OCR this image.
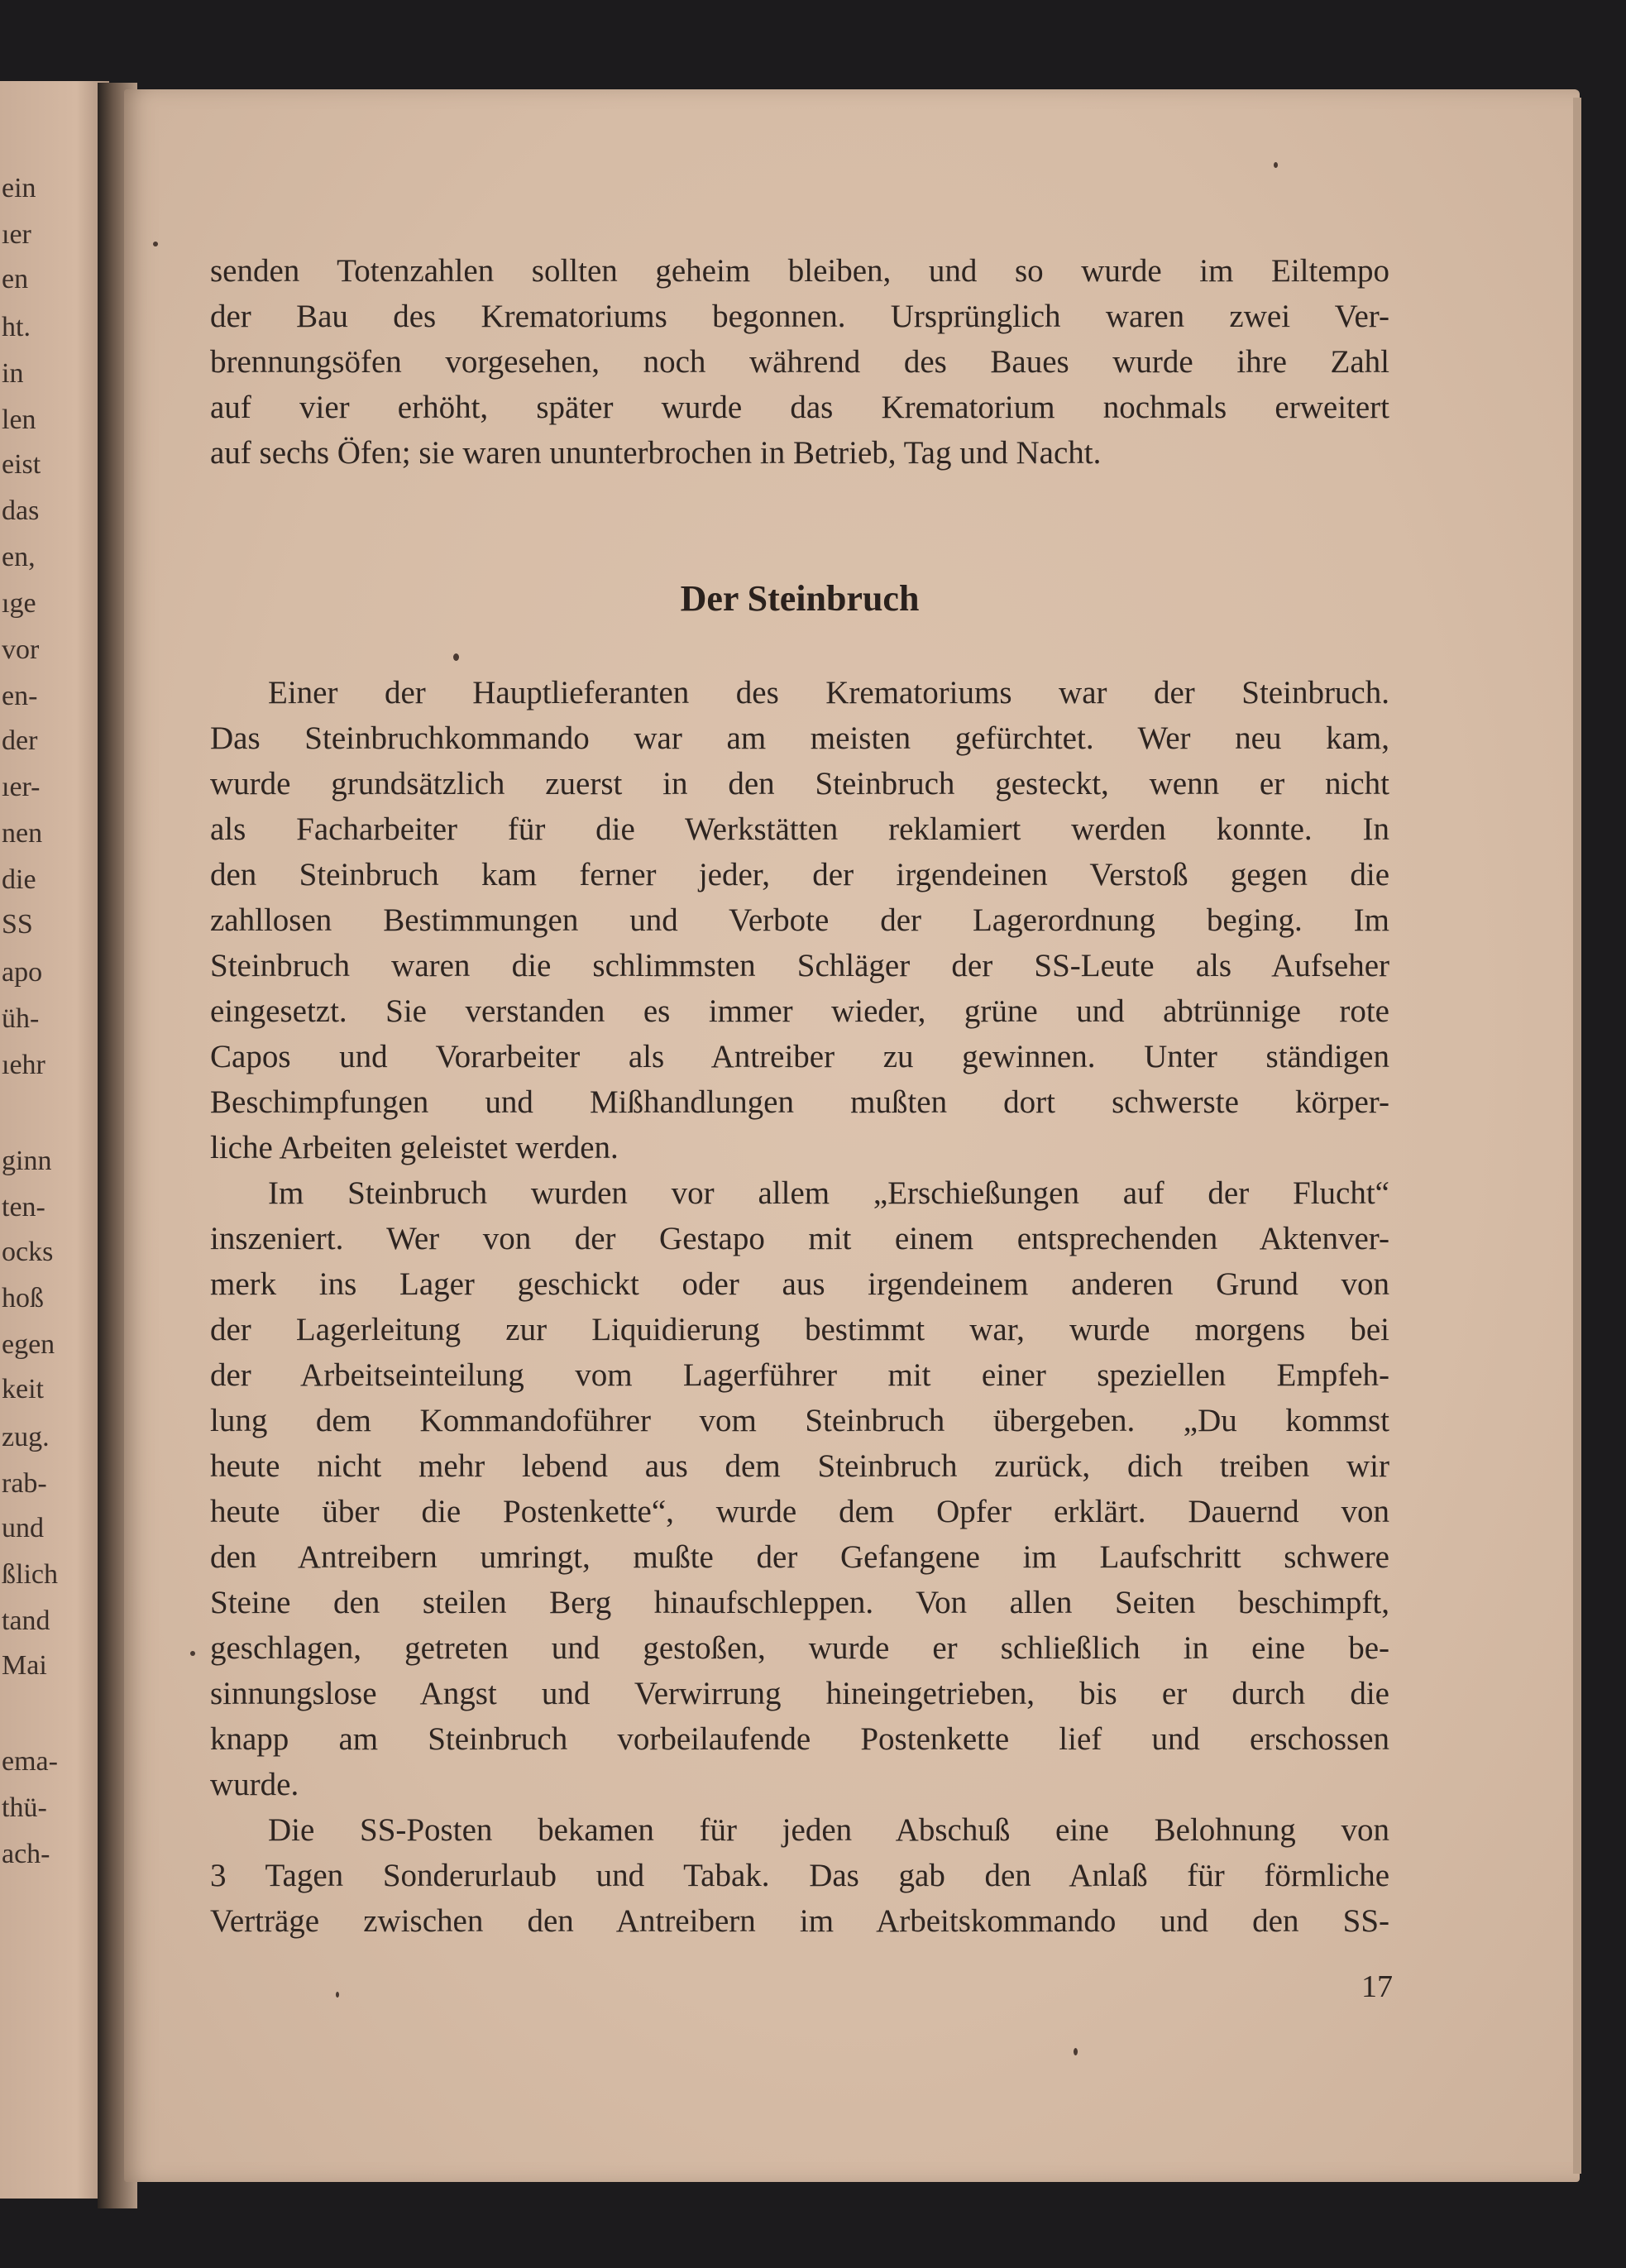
ein
ıer
en
ht.
in
len
eist
das
en,
ıge
vor
en-
der
ıer-
nen
die
SS
apo
üh-
ıehr
ginn
ten-
ocks
hoß
egen
keit
zug.
rab-
und
ßlich
tand
Mai
ema-
thü-
ach-
senden Totenzahlen sollten geheim bleiben, und so wurde im Eiltempo
der Bau des Krematoriums begonnen. Ursprünglich waren zwei Ver-
brennungsöfen vorgesehen, noch während des Baues wurde ihre Zahl
auf vier erhöht, später wurde das Krematorium nochmals erweitert
auf sechs Öfen; sie waren ununterbrochen in Betrieb, Tag und Nacht.
Der Steinbruch
Einer der Hauptlieferanten des Krematoriums war der Steinbruch.
Das Steinbruchkommando war am meisten gefürchtet. Wer neu kam,
wurde grundsätzlich zuerst in den Steinbruch gesteckt, wenn er nicht
als Facharbeiter für die Werkstätten reklamiert werden konnte. In
den Steinbruch kam ferner jeder, der irgendeinen Verstoß gegen die
zahllosen Bestimmungen und Verbote der Lagerordnung beging. Im
Steinbruch waren die schlimmsten Schläger der SS-Leute als Aufseher
eingesetzt. Sie verstanden es immer wieder, grüne und abtrünnige rote
Capos und Vorarbeiter als Antreiber zu gewinnen. Unter ständigen
Beschimpfungen und Mißhandlungen mußten dort schwerste körper-
liche Arbeiten geleistet werden.
Im Steinbruch wurden vor allem „Erschießungen auf der Flucht“
inszeniert. Wer von der Gestapo mit einem entsprechenden Aktenver-
merk ins Lager geschickt oder aus irgendeinem anderen Grund von
der Lagerleitung zur Liquidierung bestimmt war, wurde morgens bei
der Arbeitseinteilung vom Lagerführer mit einer speziellen Empfeh-
lung dem Kommandoführer vom Steinbruch übergeben. „Du kommst
heute nicht mehr lebend aus dem Steinbruch zurück, dich treiben wir
heute über die Postenkette“, wurde dem Opfer erklärt. Dauernd von
den Antreibern umringt, mußte der Gefangene im Laufschritt schwere
Steine den steilen Berg hinaufschleppen. Von allen Seiten beschimpft,
geschlagen, getreten und gestoßen, wurde er schließlich in eine be-
sinnungslose Angst und Verwirrung hineingetrieben, bis er durch die
knapp am Steinbruch vorbeilaufende Postenkette lief und erschossen
wurde.
Die SS-Posten bekamen für jeden Abschuß eine Belohnung von
3 Tagen Sonderurlaub und Tabak. Das gab den Anlaß für förmliche
Verträge zwischen den Antreibern im Arbeitskommando und den SS-
17
